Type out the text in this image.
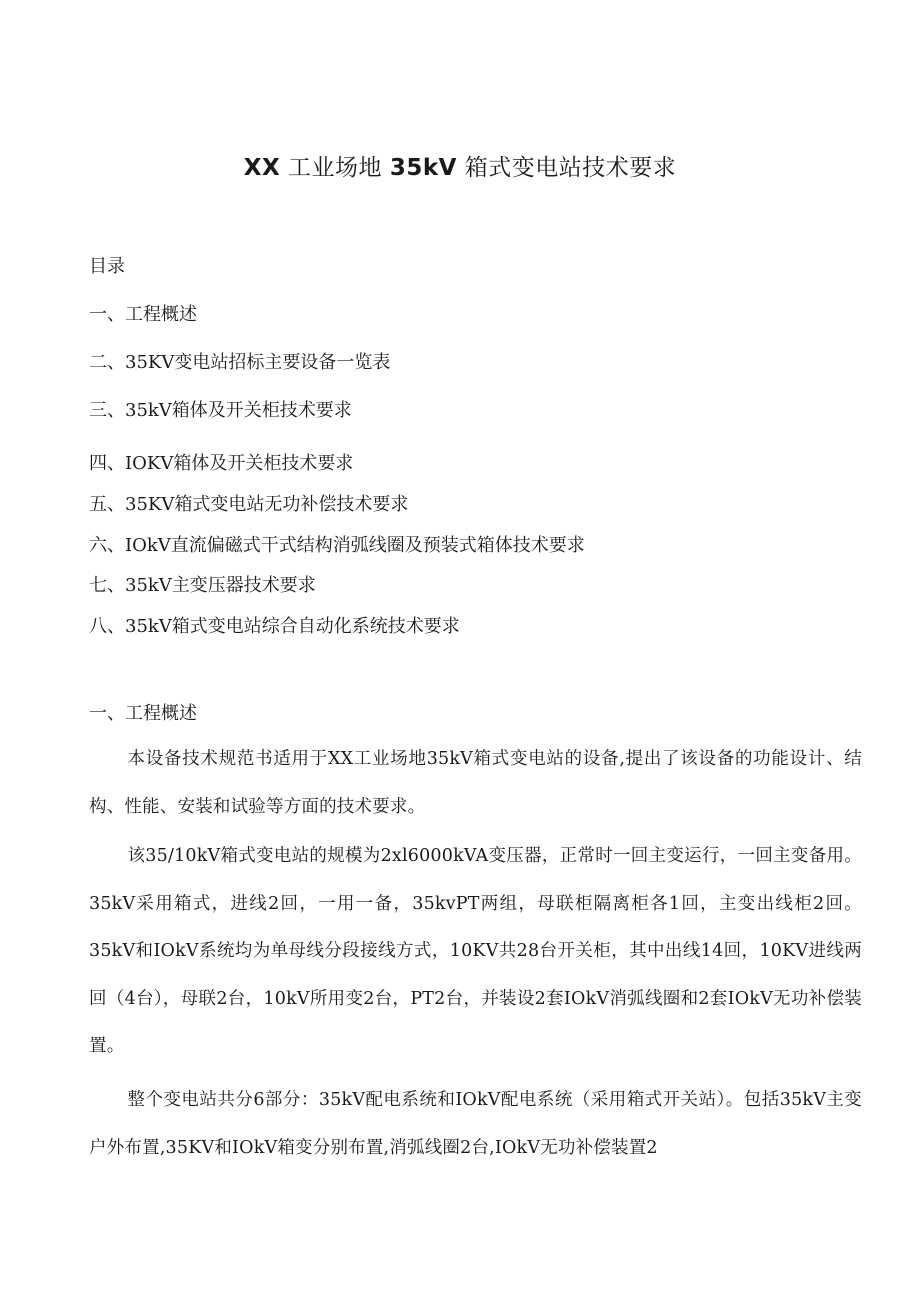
XX 工业场地 35kV 箱式变电站技术要求
目录
一、工程概述
二、35KV变电站招标主要设备一览表
三、35kV箱体及开关柜技术要求
四、IOKV箱体及开关柜技术要求
五、35KV箱式变电站无功补偿技术要求
六、IOkV直流偏磁式干式结构消弧线圈及预装式箱体技术要求
七、35kV主变压器技术要求
八、35kV箱式变电站综合自动化系统技术要求
一、工程概述

本设备技术规范书适用于XX工业场地35kV箱式变电站的设备,提出了该设备的功能设计、结构、性能、安装和试验等方面的技术要求。

该35/10kV箱式变电站的规模为2xl6000kVA变压器，正常时一回主变运行，一回主变备用。35kV采用箱式，进线2回，一用一备，35kvPT两组，母联柜隔离柜各1回，主变出线柜2回。35kV和IOkV系统均为单母线分段接线方式，10KV共28台开关柜，其中出线14回，10KV进线两回（4台），母联2台，10kV所用变2台，PT2台，并装设2套IOkV消弧线圈和2套IOkV无功补偿装置。

整个变电站共分6部分：35kV配电系统和IOkV配电系统（采用箱式开关站）。包括35kV主变户外布置,35KV和IOkV箱变分别布置,消弧线圈2台,IOkV无功补偿装置2
